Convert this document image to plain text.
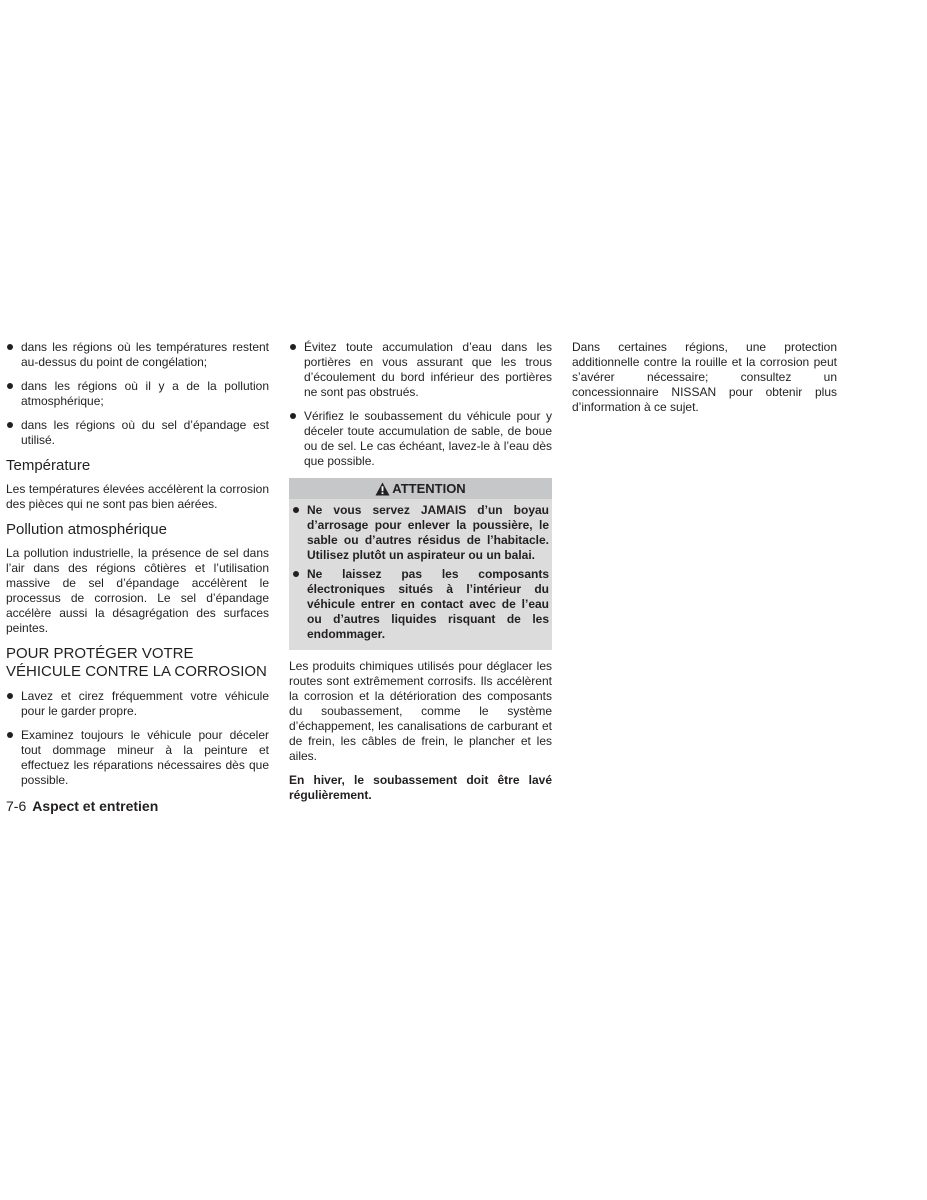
dans les régions où les températures restent au-dessus du point de congélation;
dans les régions où il y a de la pollution atmosphérique;
dans les régions où du sel d’épandage est utilisé.
Température

Les températures élevées accélèrent la corrosion des pièces qui ne sont pas bien aérées.

Pollution atmosphérique

La pollution industrielle, la présence de sel dans l’air dans des régions côtières et l’utilisation massive de sel d’épandage accélèrent le processus de corrosion. Le sel d’épandage accélère aussi la désagrégation des surfaces peintes.

POUR PROTÉGER VOTRE VÉHICULE CONTRE LA CORROSION
Lavez et cirez fréquemment votre véhicule pour le garder propre.
Examinez toujours le véhicule pour déceler tout dommage mineur à la peinture et effectuez les réparations nécessaires dès que possible.
Évitez toute accumulation d’eau dans les portières en vous assurant que les trous d’écoulement du bord inférieur des portières ne sont pas obstrués.
Vérifiez le soubassement du véhicule pour y déceler toute accumulation de sable, de boue ou de sel. Le cas échéant, lavez-le à l’eau dès que possible.
ATTENTION
Ne vous servez JAMAIS d’un boyau d’arrosage pour enlever la poussière, le sable ou d’autres résidus de l’habitacle. Utilisez plutôt un aspirateur ou un balai.
Ne laissez pas les composants électroniques situés à l’intérieur du véhicule entrer en contact avec de l’eau ou d’autres liquides risquant de les endommager.

Les produits chimiques utilisés pour déglacer les routes sont extrêmement corrosifs. Ils accélèrent la corrosion et la détérioration des composants du soubassement, comme le système d’échappement, les canalisations de carburant et de frein, les câbles de frein, le plancher et les ailes.

En hiver, le soubassement doit être lavé régulièrement.

Dans certaines régions, une protection additionnelle contre la rouille et la corrosion peut s’avérer nécessaire; consultez un concessionnaire NISSAN pour obtenir plus d’information à ce sujet.

7-6 Aspect et entretien
